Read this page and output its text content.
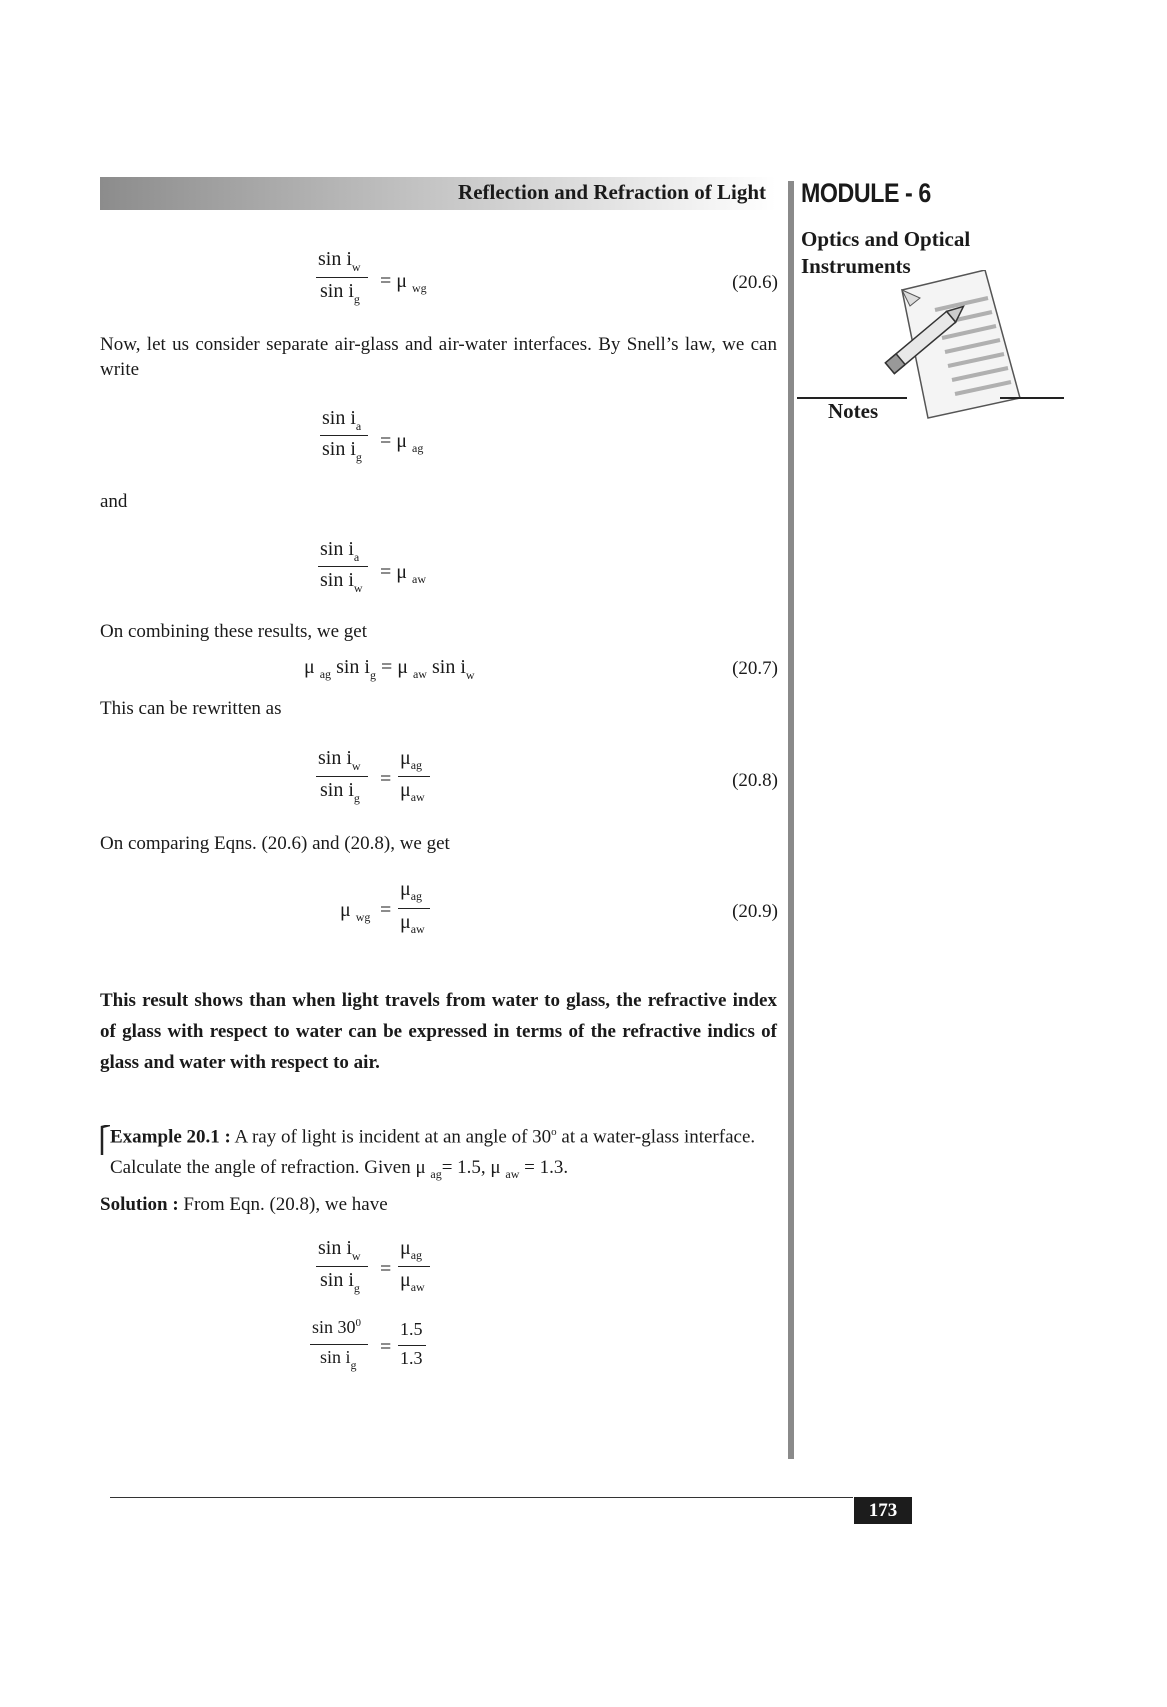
Reflection and Refraction of Light MODULE - 6
Optics and Optical
Instruments
Notes
$\sin i_w$
$\sin i_g$
= μ $_{wg}$	(20.6)
Now, let us consider separate air-glass and air-water interfaces. By Snell’s law, we can write
$\sin i_a$
$\sin i_g$
= μ $_{ag}$
and
$\sin i_a$
$\sin i_w$
= μ $_{aw}$
On combining these results, we get
μ $_{ag}$ $\sin i_g = \mu$ $_{aw}$ $\sin i_w$	(20.7)
This can be rewritten as
$\sin i_w$
$\sin i_g$
=
$\mu_{ag}$
$\mu_{aw}$
(20.8)
On comparing Eqns. (20.6) and (20.8), we get
μ $_{wg}$ =
$\mu_{ag}$
$\mu_{aw}$
(20.9)
This result shows than when light travels from water to glass, the refractive index of glass with respect to water can be expressed in terms of the refractive indics of glass and water with respect to air.
Example 20.1 : A ray of light is incident at an angle of 30$^o$ at a water-glass interface.
Calculate the angle of refraction. Given μ $_{ag}$= 1.5, μ $_{aw}$ = 1.3.
Solution : From Eqn. (20.8), we have
$\sin i_w$
$\sin i_g$
=
$\mu_{ag}$
$\mu_{aw}$
$\sin 30^0$
$\sin i_g$
=
1.5
1.3
173
